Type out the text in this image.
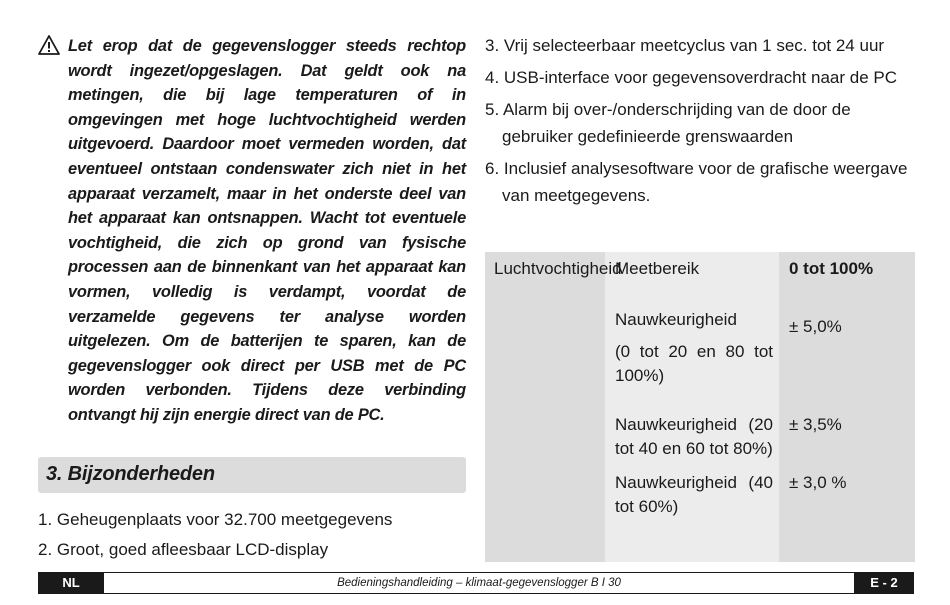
Let erop dat de gegevenslogger steeds rechtop wordt ingezet/opgeslagen. Dat geldt ook na metingen, die bij lage temperaturen of in omgevingen met hoge luchtvochtigheid werden uitgevoerd. Daardoor moet vermeden worden, dat eventueel ontstaan condenswater zich niet in het apparaat verzamelt, maar in het onderste deel van het apparaat kan ontsnappen. Wacht tot eventuele vochtigheid, die zich op grond van fysische processen aan de binnenkant van het apparaat kan vormen, volledig is verdampt, voordat de verzamelde gegevens ter analyse worden uitgelezen. Om de batterijen te sparen, kan de gegevenslogger ook direct per USB met de PC worden verbonden. Tijdens deze verbinding ontvangt hij zijn energie direct van de PC.

3. Bijzonderheden
1. Geheugenplaats voor 32.700 meetgegevens
2. Groot, goed afleesbaar LCD-display
3. Vrij selecteerbaar meetcyclus van 1 sec. tot 24 uur
4. USB-interface voor gegevensoverdracht naar de PC
5. Alarm bij over-/onderschrijding van de door de gebruiker gedefinieerde grenswaarden
6. Inclusief analysesoftware voor de grafische weergave van meetgegevens.
Luchtvochtigheid
Meetbereik	0 tot 100%
Nauwkeurigheid
(0 tot 20 en 80 tot 100%)
± 5,0%
Nauwkeurigheid (20 tot 40 en 60 tot 80%)
± 3,5%
Nauwkeurigheid (40 tot 60%)
± 3,0 %
NL	Bedieningshandleiding – klimaat-gegevenslogger B I 30	E - 2
